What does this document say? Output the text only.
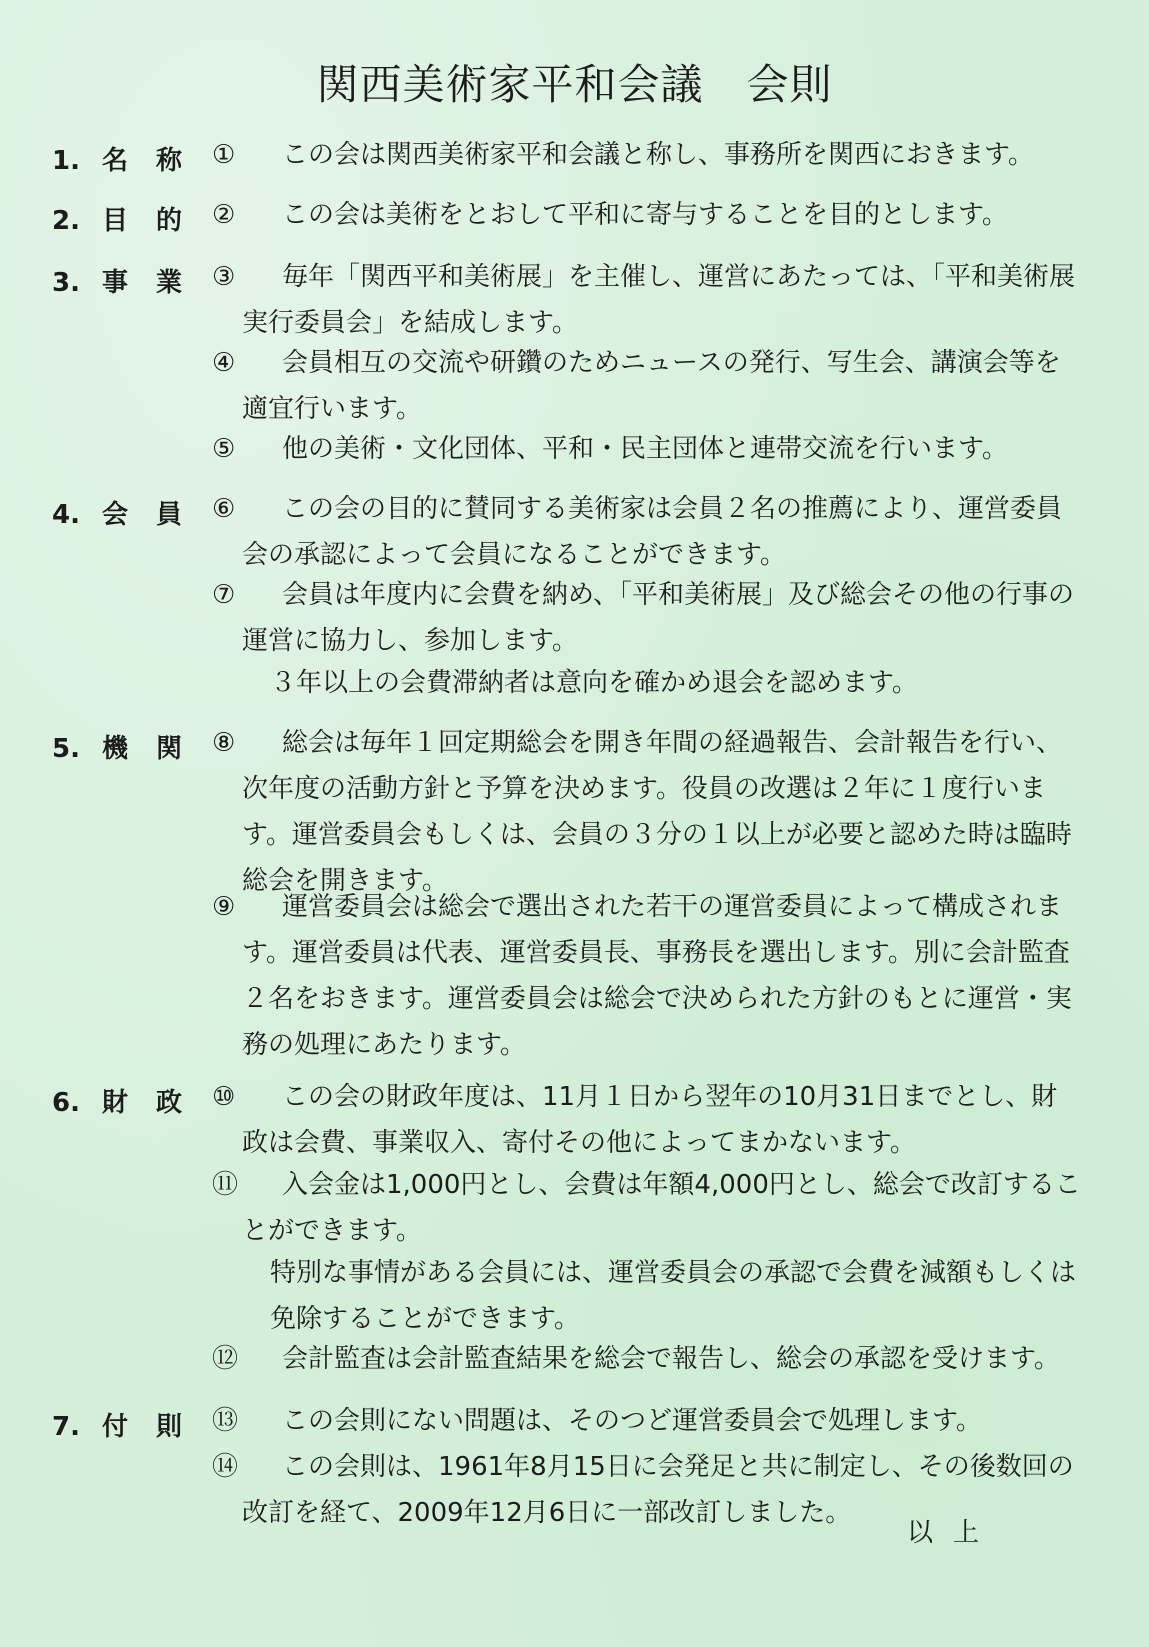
関西美術家平和会議　会則
1. 名称 ①	この会は関西美術家平和会議と称し、事務所を関西におきます。
2. 目的 ②	この会は美術をとおして平和に寄与することを目的とします。
3. 事業 ③	毎年「関西平和美術展」を主催し、運営にあたっては、「平和美術展実行委員会」を結成します。
④	会員相互の交流や研鑽のためニュースの発行、写生会、講演会等を適宜行います。
⑤	他の美術・文化団体、平和・民主団体と連帯交流を行います。
4. 会員 ⑥	この会の目的に賛同する美術家は会員２名の推薦により、運営委員会の承認によって会員になることができます。
⑦	会員は年度内に会費を納め、「平和美術展」及び総会その他の行事の運営に協力し、参加します。
３年以上の会費滞納者は意向を確かめ退会を認めます。
5. 機関 ⑧	総会は毎年１回定期総会を開き年間の経過報告、会計報告を行い、次年度の活動方針と予算を決めます。役員の改選は２年に１度行います。運営委員会もしくは、会員の３分の１以上が必要と認めた時は臨時総会を開きます。
⑨	運営委員会は総会で選出された若干の運営委員によって構成されます。運営委員は代表、運営委員長、事務長を選出します。別に会計監査２名をおきます。運営委員会は総会で決められた方針のもとに運営・実務の処理にあたります。
6. 財政 ⑩	この会の財政年度は、11月１日から翌年の10月31日までとし、財政は会費、事業収入、寄付その他によってまかないます。
⑪	入会金は1,000円とし、会費は年額4,000円とし、総会で改訂することができます。
特別な事情がある会員には、運営委員会の承認で会費を減額もしくは免除することができます。
⑫	会計監査は会計監査結果を総会で報告し、総会の承認を受けます。
7. 付則 ⑬	この会則にない問題は、そのつど運営委員会で処理します。
⑭	この会則は、1961年8月15日に会発足と共に制定し、その後数回の改訂を経て、2009年12月6日に一部改訂しました。
以上
